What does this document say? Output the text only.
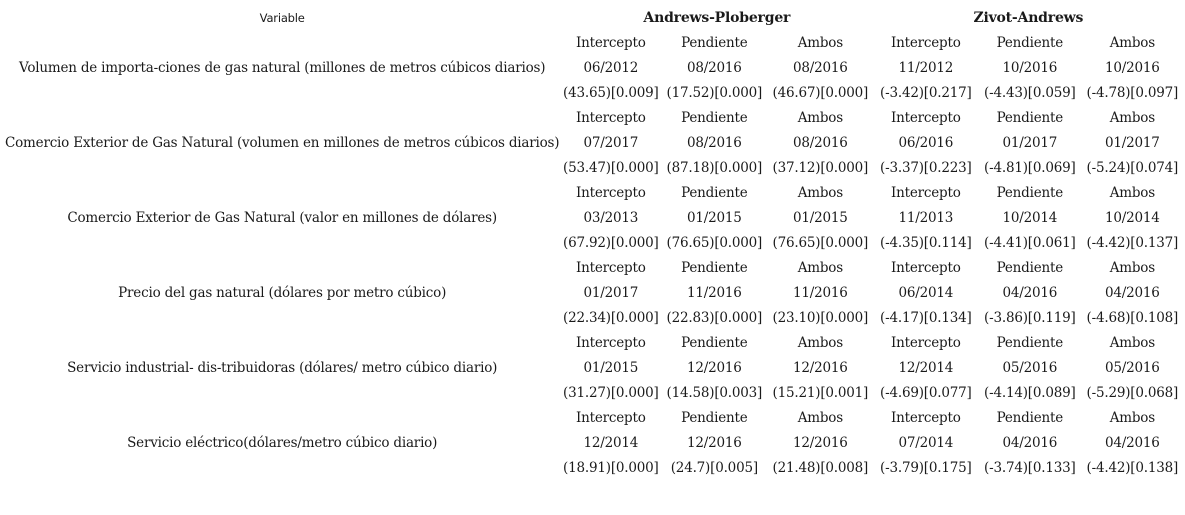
Variable	Andrews-Ploberger			Zivot-Andrews		
	Intercepto	Pendiente	Ambos	Intercepto	Pendiente	Ambos
Volumen de importa-ciones de gas natural (millones de metros cúbicos diarios)	06/2012	08/2016	08/2016	11/2012	10/2016	10/2016
	(43.65)[0.009]	(17.52)[0.000]	(46.67)[0.000]	(-3.42)[0.217]	(-4.43)[0.059]	(-4.78)[0.097]
	Intercepto	Pendiente	Ambos	Intercepto	Pendiente	Ambos
Comercio Exterior de Gas Natural (volumen en millones de metros cúbicos diarios)	07/2017	08/2016	08/2016	06/2016	01/2017	01/2017
	(53.47)[0.000]	(87.18)[0.000]	(37.12)[0.000]	(-3.37)[0.223]	(-4.81)[0.069]	(-5.24)[0.074]
	Intercepto	Pendiente	Ambos	Intercepto	Pendiente	Ambos
Comercio Exterior de Gas Natural (valor en millones de dólares)	03/2013	01/2015	01/2015	11/2013	10/2014	10/2014
	(67.92)[0.000]	(76.65)[0.000]	(76.65)[0.000]	(-4.35)[0.114]	(-4.41)[0.061]	(-4.42)[0.137]
	Intercepto	Pendiente	Ambos	Intercepto	Pendiente	Ambos
Precio del gas natural (dólares por metro cúbico)	01/2017	11/2016	11/2016	06/2014	04/2016	04/2016
	(22.34)[0.000]	(22.83)[0.000]	(23.10)[0.000]	(-4.17)[0.134]	(-3.86)[0.119]	(-4.68)[0.108]
	Intercepto	Pendiente	Ambos	Intercepto	Pendiente	Ambos
Servicio industrial- dis-tribuidoras (dólares/ metro cúbico diario)	01/2015	12/2016	12/2016	12/2014	05/2016	05/2016
	(31.27)[0.000]	(14.58)[0.003]	(15.21)[0.001]	(-4.69)[0.077]	(-4.14)[0.089]	(-5.29)[0.068]
	Intercepto	Pendiente	Ambos	Intercepto	Pendiente	Ambos
Servicio eléctrico(dólares/metro cúbico diario)	12/2014	12/2016	12/2016	07/2014	04/2016	04/2016
	(18.91)[0.000]	(24.7)[0.005]	(21.48)[0.008]	(-3.79)[0.175]	(-3.74)[0.133]	(-4.42)[0.138]
